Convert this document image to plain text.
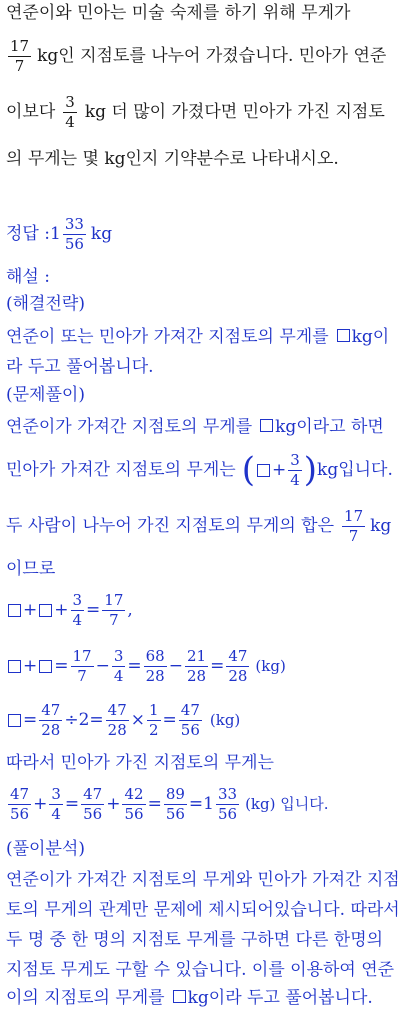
연준이와 민아는 미술 숙제를 하기 위해 무게가
$\frac{17}{7}$ kg인 지점토를 나누어 가졌습니다. 민아가 연준
이보다 $\frac{3}{4}$ kg 더 많이 가졌다면 민아가 가진 지점토
의 무게는 몇 kg인지 기약분수로 나타내시오.
정답 : $1 \frac{33}{56}$ kg
해설 :
(해결전략)
연준이 또는 민아가 가져간 지점토의 무게를 kg이
라 두고 풀어봅니다.
(문제풀이)
연준이가 가져간 지점토의 무게를 kg이라고 하면
민아가 가져간 지점토의 무게는 ( + $\frac{3}{4}$ ) kg입니다.
두 사람이 나누어 가진 지점토의 무게의 합은 $\frac{17}{7}$ kg
이므로
+ + $\frac{3}{4} = \frac{17}{7}$ ,
+ = $\frac{17}{7} - \frac{3}{4} = \frac{68}{28} - \frac{21}{28} = \frac{47}{28} (kg)$
= $\frac{47}{28} \div 2= \frac{47}{28} \times \frac{1}{2} = \frac{47}{56} (kg)$
따라서 민아가 가진 지점토의 무게는
$\frac{47}{56} + \frac{3}{4} = \frac{47}{56} + \frac{42}{56} = \frac{89}{56} =1 \frac{33}{56} (kg)$ 입니다.
(풀이분석)
연준이가 가져간 지점토의 무게와 민아가 가져간 지점
토의 무게의 관계만 문제에 제시되어있습니다. 따라서
두 명 중 한 명의 지점토 무게를 구하면 다른 한명의
지점토 무게도 구할 수 있습니다. 이를 이용하여 연준
이의 지점토의 무게를 kg이라 두고 풀어봅니다.
